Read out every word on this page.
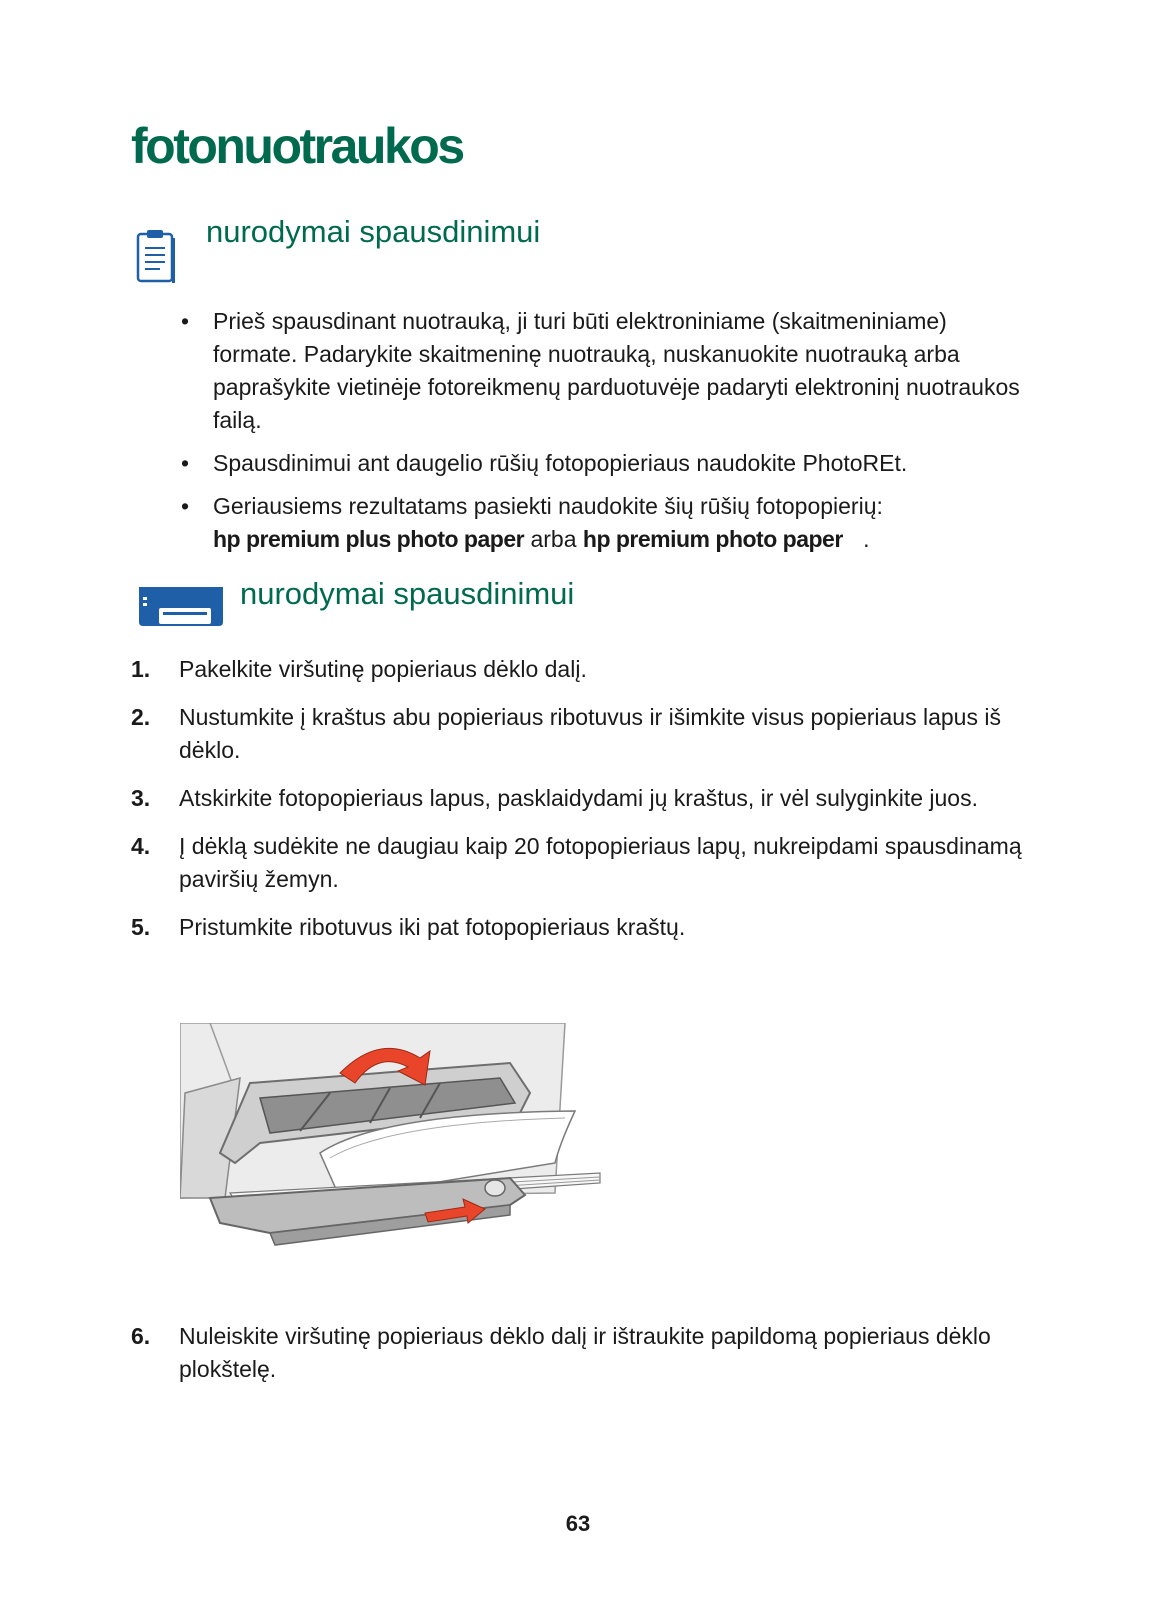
fotonuotraukos
nurodymai spausdinimui
• Prieš spausdinant nuotrauką, ji turi būti elektroniniame (skaitmeniniame) formate. Padarykite skaitmeninę nuotrauką, nuskanuokite nuotrauką arba paprašykite vietinėje fotoreikmenų parduotuvėje padaryti elektroninį nuotraukos failą.
• Spausdinimui ant daugelio rūšių fotopopieriaus naudokite PhotoREt.
• Geriausiems rezultatams pasiekti naudokite šių rūšių fotopopierių:
hp premium plus photo paper arba hp premium photo paper .
nurodymai spausdinimui
1. Pakelkite viršutinę popieriaus dėklo dalį.
2. Nustumkite į kraštus abu popieriaus ribotuvus ir išimkite visus popieriaus lapus iš dėklo.
3. Atskirkite fotopopieriaus lapus, pasklaidydami jų kraštus, ir vėl sulyginkite juos.
4. Į dėklą sudėkite ne daugiau kaip 20 fotopopieriaus lapų, nukreipdami spausdinamą paviršių žemyn.
5. Pristumkite ribotuvus iki pat fotopopieriaus kraštų.
6. Nuleiskite viršutinę popieriaus dėklo dalį ir ištraukite papildomą popieriaus dėklo plokštelę.

63
